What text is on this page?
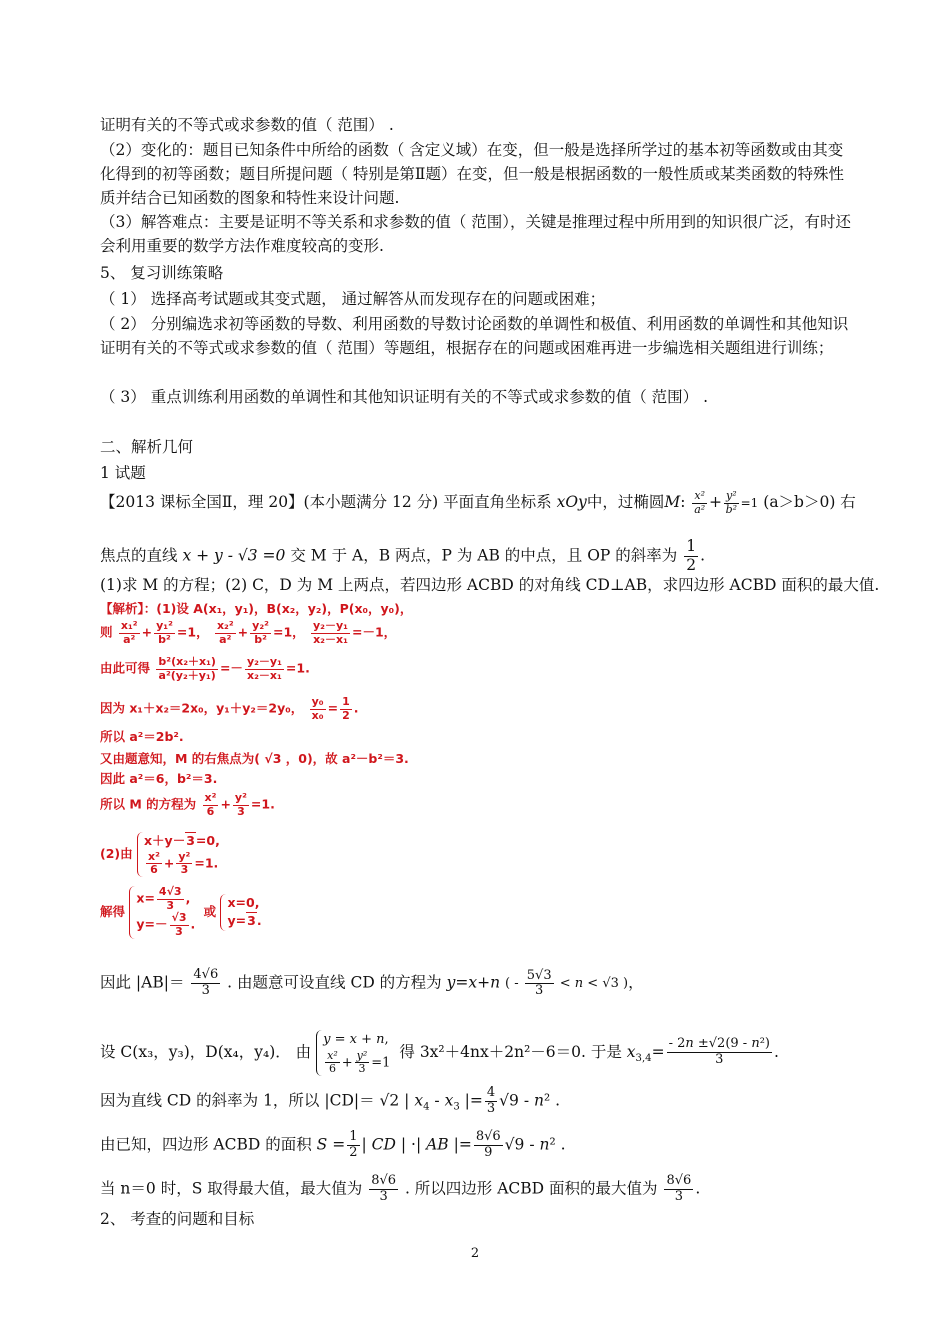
证明有关的不等式或求参数的值（ 范围） .
（2）变化的：题目已知条件中所给的函数（ 含定义域）在变，但一般是选择所学过的基本初等函数或由其变化得到的初等函数；题目所提问题（ 特别是第Ⅱ题）在变，但一般是根据函数的一般性质或某类函数的特殊性质并结合已知函数的图象和特性来设计问题.
（3）解答难点：主要是证明不等关系和求参数的值（ 范围），关键是推理过程中所用到的知识很广泛，有时还会利用重要的数学方法作难度较高的变形.
5、 复习训练策略
（ 1） 选择高考试题或其变式题， 通过解答从而发现存在的问题或困难；
（ 2） 分别编选求初等函数的导数、利用函数的导数讨论函数的单调性和极值、利用函数的单调性和其他知识证明有关的不等式或求参数的值（ 范围）等题组，根据存在的问题或困难再进一步编选相关题组进行训练；
（ 3） 重点训练利用函数的单调性和其他知识证明有关的不等式或求参数的值（ 范围） .
二、解析几何
1 试题
【2013 课标全国Ⅱ，理 20】(本小题满分 12 分) 平面直角坐标系 xOy中，过椭圆M: $\frac{\text{x²}}{\text{a²}} + \frac{\text{y²}}{\text{b²}} =1$ (a＞b＞0) 右
焦点的直线 x + y - √3 =0 交 M 于 A，B 两点，P 为 AB 的中点，且 OP 的斜率为 $\frac{1}{2}$ .
(1)求 M 的方程；(2) C，D 为 M 上两点，若四边形 ACBD 的对角线 CD⊥AB，求四边形 ACBD 面积的最大值.
【解析】：(1)设 A(x₁，y₁)，B(x₂，y₂)，P(x₀，y₀)，
则 $\frac{\text{x₁²}}{\text{a²}} + \frac{\text{y₁²}}{\text{b²}} =1$， $\frac{\text{x₂²}}{\text{a²}} + \frac{\text{y₂²}}{\text{b²}} =1$， $\frac{\text{y₂－y₁}}{\text{x₂－x₁}} =-1$，
由此可得 $\frac{\text{b²(x₂＋x₁)}}{\text{a²(y₂＋y₁)}} =- \frac{\text{y₂－y₁}}{\text{x₂－x₁}} =1$.
因为 x₁＋x₂＝2x₀，y₁＋y₂＝2y₀， $\frac{\text{y₀}}{\text{x₀}} = \frac{1}{2}$ .
所以 a²＝2b².
又由题意知，M 的右焦点为( √3 ，0)，故 a²－b²＝3.
因此 a²＝6，b²＝3.
所以 M 的方程为 $\frac{\text{x²}}{6} + \frac{\text{y²}}{3} =1$.
(2)由
x＋y－3=0,
$\frac{\text{x²}}{6} + \frac{\text{y²}}{3} =1$.
解得
$x= \frac{4√3}{3}$ ,
$y=- \frac{√3}{3}$ .
或
x=0,
y=3.
因此 $|AB|= \frac{4√6}{3}$ . 由题意可设直线 CD 的方程为 y=x+n ( - $\frac{5√3}{3} < n < √3$ )，
设 C(x₃，y₃)，D(x₄，y₄)． 由
y = x + n,
$\frac{\text{x²}}{6} + \frac{\text{y²}}{3} =1$
得 3x²＋4nx＋2n²－6＝0. 于是 $x_{3,4}= \frac{\text{- 2n ±√2(9 - n²)}}{3}$ .
因为直线 CD 的斜率为 1，所以 |CD|＝ √2 | $x_4 - x_3$ |= $\frac{4}{3} √9 - n^2$ .
由已知，四边形 ACBD 的面积 $S = \frac{1}{2}$ | CD | ·| AB |= $\frac{8√6}{9} √9 - n^2$ .
当 n＝0 时，S 取得最大值，最大值为 $\frac{8√6}{3}$ . 所以四边形 ACBD 面积的最大值为 $\frac{8√6}{3}$ .
2、 考查的问题和目标
2
